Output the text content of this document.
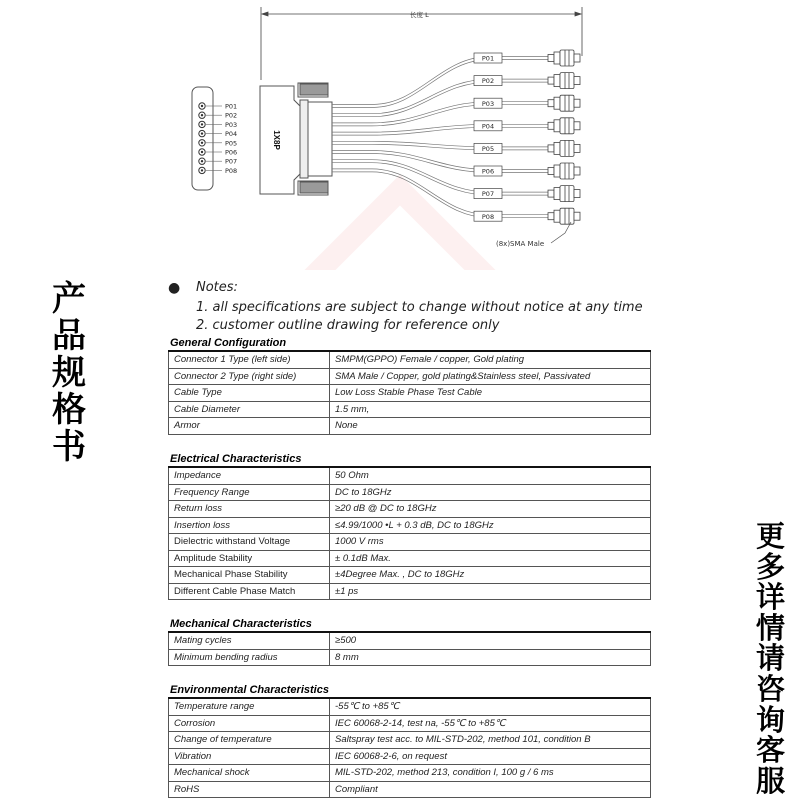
长度 L
P01
P02
P03
P04
P05
P06
P07
P08
1X8P
P01
P02
P03
P04
P05
P06
P07
P08
(8x)SMA Male
产
品
规
格
书
更
多
详
情
请
咨
询
客
服
● Notes:
1. all specifications are subject to change without notice at any time
2. customer outline drawing for reference only
General Configuration
Connector 1 Type (left side)	SMPM(GPPO) Female / copper, Gold plating
Connector 2 Type (right side)	SMA Male / Copper, gold plating&Stainless steel, Passivated
Cable Type	Low Loss Stable Phase Test Cable
Cable Diameter	1.5 mm,
Armor	None
Electrical Characteristics
Impedance	50 Ohm
Frequency Range	DC to 18GHz
Return loss	≥20 dB @ DC to 18GHz
Insertion loss	≤4.99/1000 •L + 0.3 dB, DC to 18GHz
Dielectric withstand Voltage	1000 V rms
Amplitude Stability	± 0.1dB Max.
Mechanical Phase Stability	±4Degree Max. , DC to 18GHz
Different Cable Phase Match	±1 ps
Mechanical Characteristics
Mating cycles	≥500
Minimum bending radius	8 mm
Environmental Characteristics
Temperature range	-55℃ to +85℃
Corrosion	IEC 60068-2-14, test na, -55℃ to +85℃
Change of temperature	Saltspray test acc. to MIL-STD-202, method 101, condition B
Vibration	IEC 60068-2-6, on request
Mechanical shock	MIL-STD-202, method 213, condition I, 100 g / 6 ms
RoHS	Compliant
